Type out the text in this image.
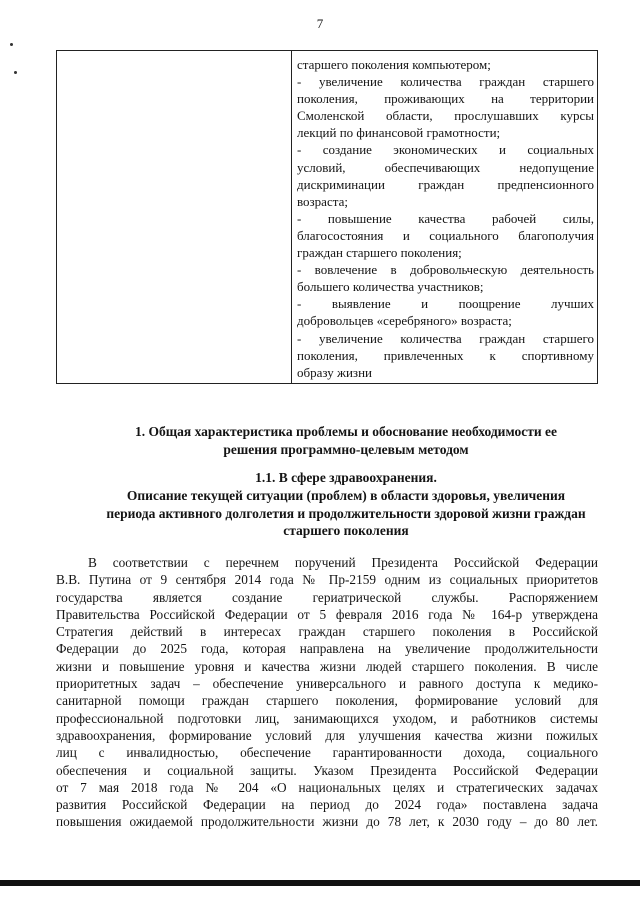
7
старшего поколения компьютером;
- увеличение количества граждан старшего
поколения, проживающих на территории
Смоленской области, прослушавших курсы
лекций по финансовой грамотности;
- создание экономических и социальных
условий, обеспечивающих недопущение
дискриминации граждан предпенсионного
возраста;
- повышение качества рабочей силы,
благосостояния и социального благополучия
граждан старшего поколения;
- вовлечение в добровольческую деятельность
большего количества участников;
- выявление и поощрение лучших
добровольцев «серебряного» возраста;
- увеличение количества граждан старшего
поколения, привлеченных к спортивному
образу жизни
1. Общая характеристика проблемы и обоснование необходимости ее
решения программно-целевым методом
1.1. В сфере здравоохранения.
Описание текущей ситуации (проблем) в области здоровья, увеличения
периода активного долголетия и продолжительности здоровой жизни граждан
старшего поколения
В соответствии с перечнем поручений Президента Российской Федерации
В.В. Путина от 9 сентября 2014 года № Пр-2159 одним из социальных приоритетов
государства является создание гериатрической службы. Распоряжением
Правительства Российской Федерации от 5 февраля 2016 года № 164-р утверждена
Стратегия действий в интересах граждан старшего поколения в Российской
Федерации до 2025 года, которая направлена на увеличение продолжительности
жизни и повышение уровня и качества жизни людей старшего поколения. В числе
приоритетных задач – обеспечение универсального и равного доступа к медико-
санитарной помощи граждан старшего поколения, формирование условий для
профессиональной подготовки лиц, занимающихся уходом, и работников системы
здравоохранения, формирование условий для улучшения качества жизни пожилых
лиц с инвалидностью, обеспечение гарантированности дохода, социального
обеспечения и социальной защиты. Указом Президента Российской Федерации
от 7 мая 2018 года № 204 «О национальных целях и стратегических задачах
развития Российской Федерации на период до 2024 года» поставлена задача
повышения ожидаемой продолжительности жизни до 78 лет, к 2030 году – до 80 лет.
